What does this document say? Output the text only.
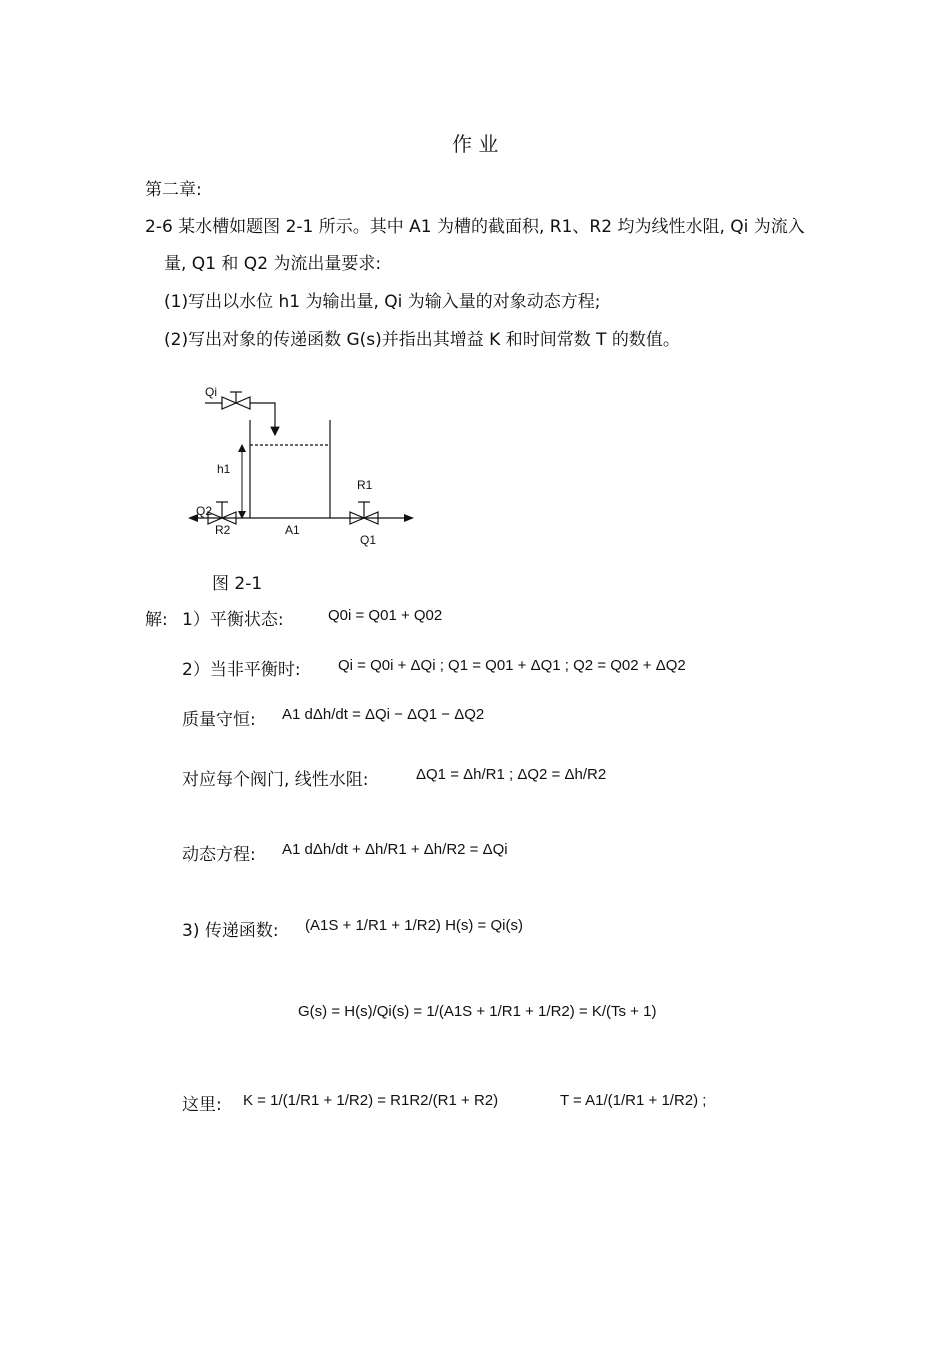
作 业
第二章:
2-6 某水槽如题图 2-1 所示。其中 A1 为槽的截面积, R1、R2 均为线性水阻, Qi 为流入
量, Q1 和 Q2 为流出量要求:
(1)写出以水位 h1 为输出量, Qi 为输入量的对象动态方程;
(2)写出对象的传递函数 G(s)并指出其增益 K 和时间常数 T 的数值。
Qi
h1
R1
Q2
R2	A1
Q1
图 2-1
解: 1）平衡状态:	Q0i = Q01 + Q02
2）当非平衡时: Qi = Q0i + ΔQi ; Q1 = Q01 + ΔQ1 ; Q2 = Q02 + ΔQ2
质量守恒: A1 dΔh/dt = ΔQi − ΔQ1 − ΔQ2
对应每个阀门, 线性水阻:	ΔQ1 = Δh/R1 ; ΔQ2 = Δh/R2
动态方程: A1 dΔh/dt + Δh/R1 + Δh/R2 = ΔQi
3) 传递函数: (A1S + 1/R1 + 1/R2) H(s) = Qi(s)
G(s) = H(s)/Qi(s) = 1/(A1S + 1/R1 + 1/R2) = K/(Ts + 1)
这里: K = 1/(1/R1 + 1/R2) = R1R2/(R1 + R2)	T = A1/(1/R1 + 1/R2) ;
